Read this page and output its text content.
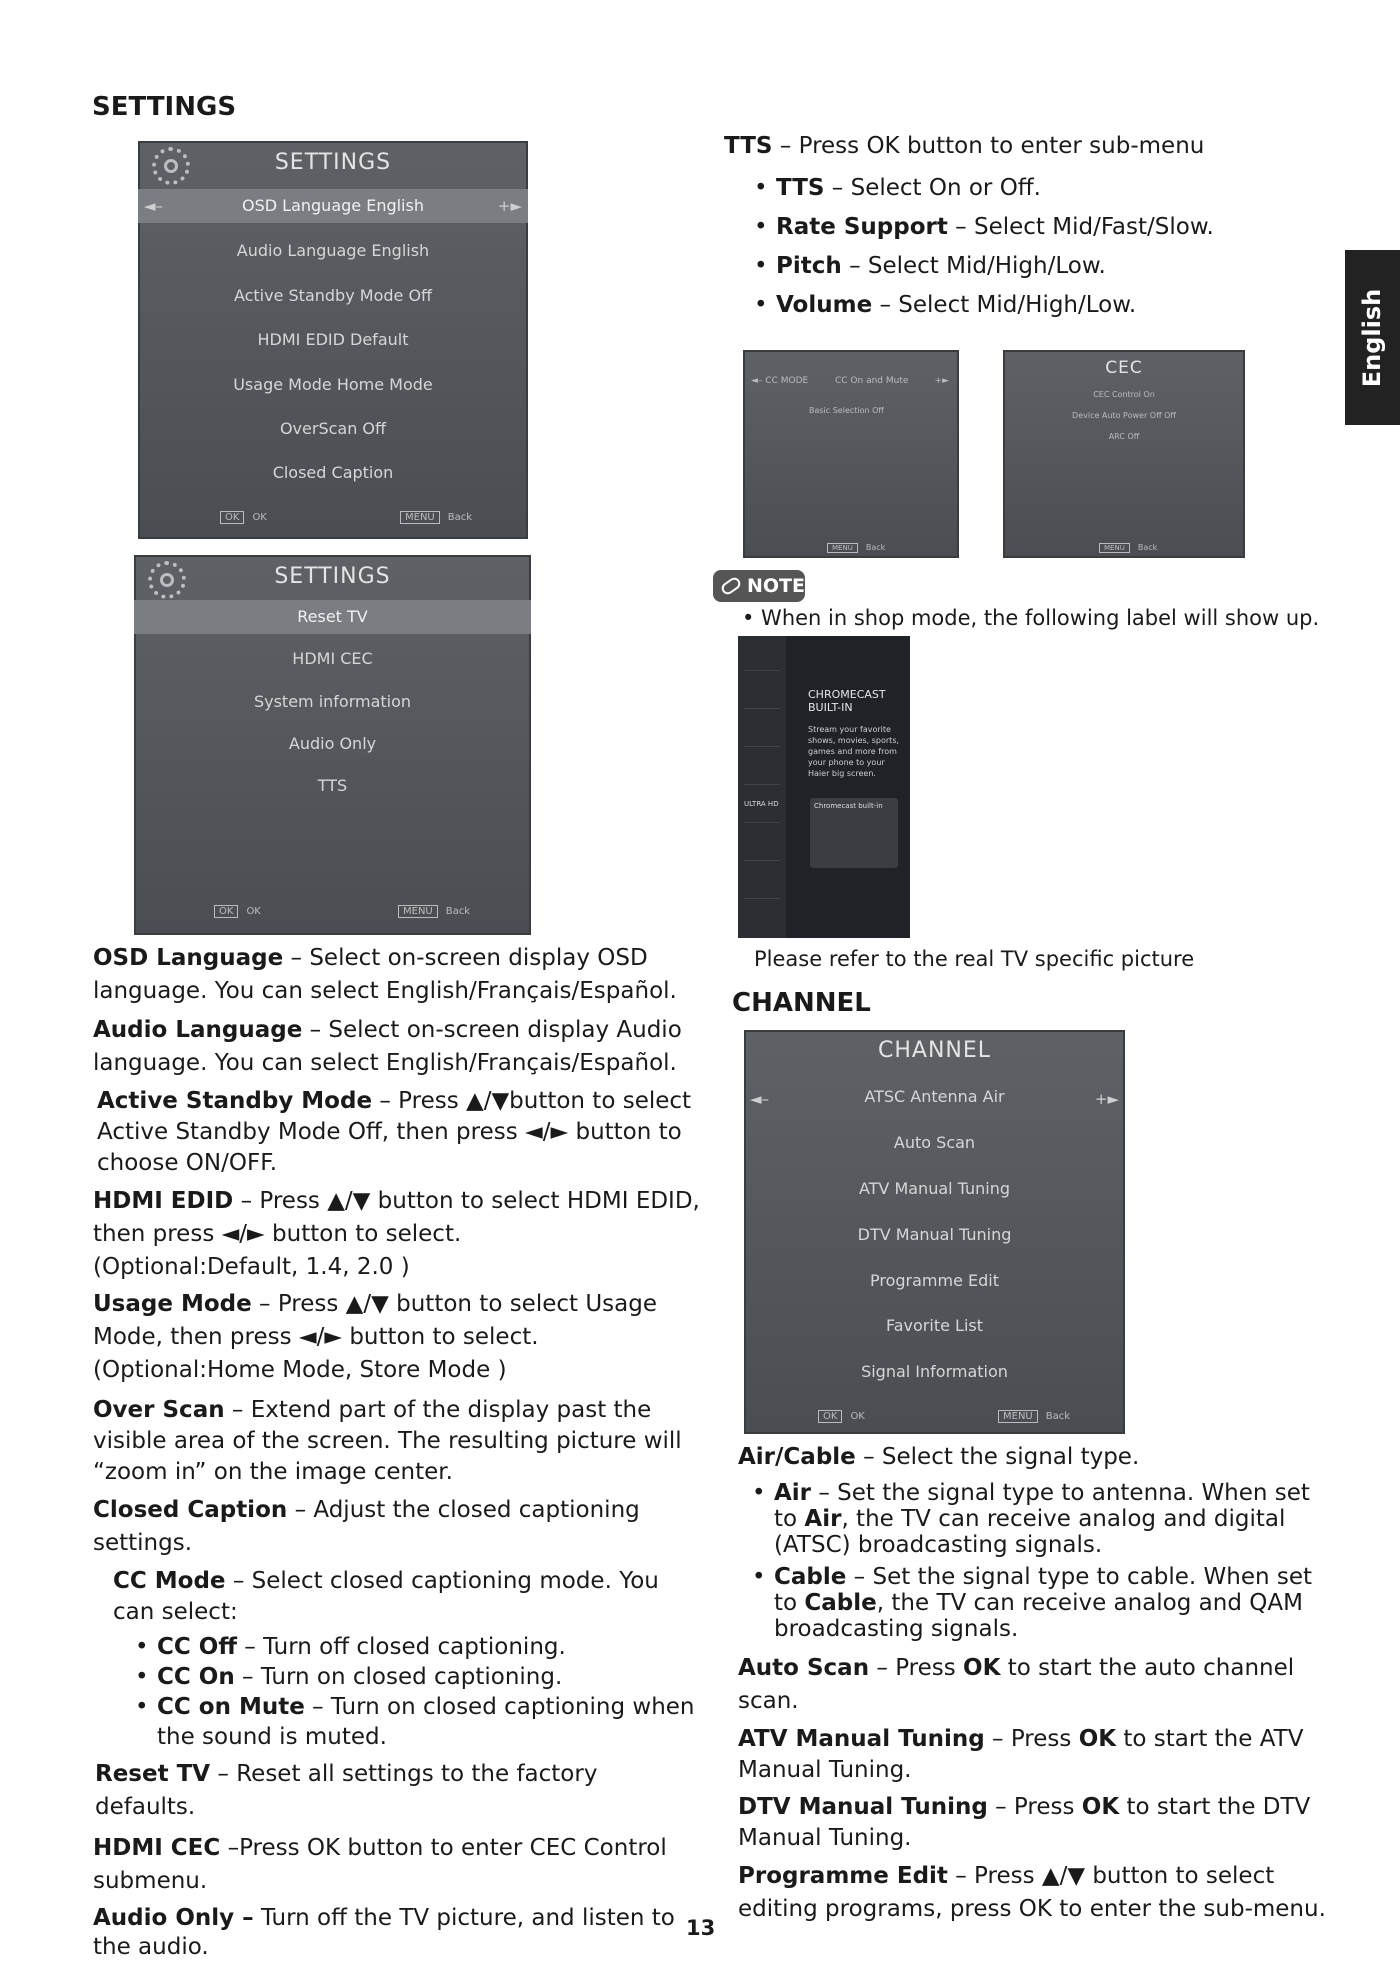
English
SETTINGS
SETTINGS
OSD Language English
◄–	+►
Audio Language English
Active Standby Mode Off
HDMI EDID Default
Usage Mode Home Mode
OverScan Off
Closed Caption
OK OK	MENU Back
SETTINGS
Reset TV
HDMI CEC
System information
Audio Only
TTS
OK OK	MENU Back
OSD Language – Select on-screen display OSD language. You can select English/Français/Español.
Audio Language – Select on-screen display Audio language. You can select English/Français/Español.
Active Standby Mode – Press ▲/▼button to select Active Standby Mode Off, then press ◄/► button to choose ON/OFF.
HDMI EDID – Press ▲/▼ button to select HDMI EDID, then press ◄/► button to select.
(Optional:Default, 1.4, 2.0 )
Usage Mode – Press ▲/▼ button to select Usage Mode, then press ◄/► button to select.
(Optional:Home Mode, Store Mode )
Over Scan – Extend part of the display past the visible area of the screen. The resulting picture will “zoom in” on the image center.
Closed Caption – Adjust the closed captioning settings.
CC Mode – Select closed captioning mode. You can select:
• CC Off – Turn off closed captioning.
• CC On – Turn on closed captioning.
• CC on Mute – Turn on closed captioning when the sound is muted.
Reset TV – Reset all settings to the factory defaults.
HDMI CEC –Press OK button to enter CEC Control submenu.
Audio Only – Turn off the TV picture, and listen to the audio.
TTS – Press OK button to enter sub-menu
• TTS – Select On or Off.
• Rate Support – Select Mid/Fast/Slow.
• Pitch – Select Mid/High/Low.
• Volume – Select Mid/High/Low.
◄– CC MODE	CC On and Mute	+►
Basic Selection Off
MENU Back
CEC
CEC Control On
Device Auto Power Off Off
ARC Off
MENU Back
NOTE
• When in shop mode, the following label will show up.
ULTRA HD
CHROMECAST BUILT-IN
Stream your favorite shows, movies, sports, games and more from your phone to your Haier big screen.
Chromecast built-in
Please refer to the real TV specific picture
CHANNEL
CHANNEL
◄–	+►
ATSC Antenna Air
Auto Scan
ATV Manual Tuning
DTV Manual Tuning
Programme Edit
Favorite List
Signal Information
OK OK	MENU Back
Air/Cable – Select the signal type.
• Air – Set the signal type to antenna. When set to Air, the TV can receive analog and digital (ATSC) broadcasting signals.
• Cable – Set the signal type to cable. When set to Cable, the TV can receive analog and QAM broadcasting signals.
Auto Scan – Press OK to start the auto channel scan.
ATV Manual Tuning – Press OK to start the ATV Manual Tuning.
DTV Manual Tuning – Press OK to start the DTV Manual Tuning.
Programme Edit – Press ▲/▼ button to select editing programs, press OK to enter the sub-menu.
13
